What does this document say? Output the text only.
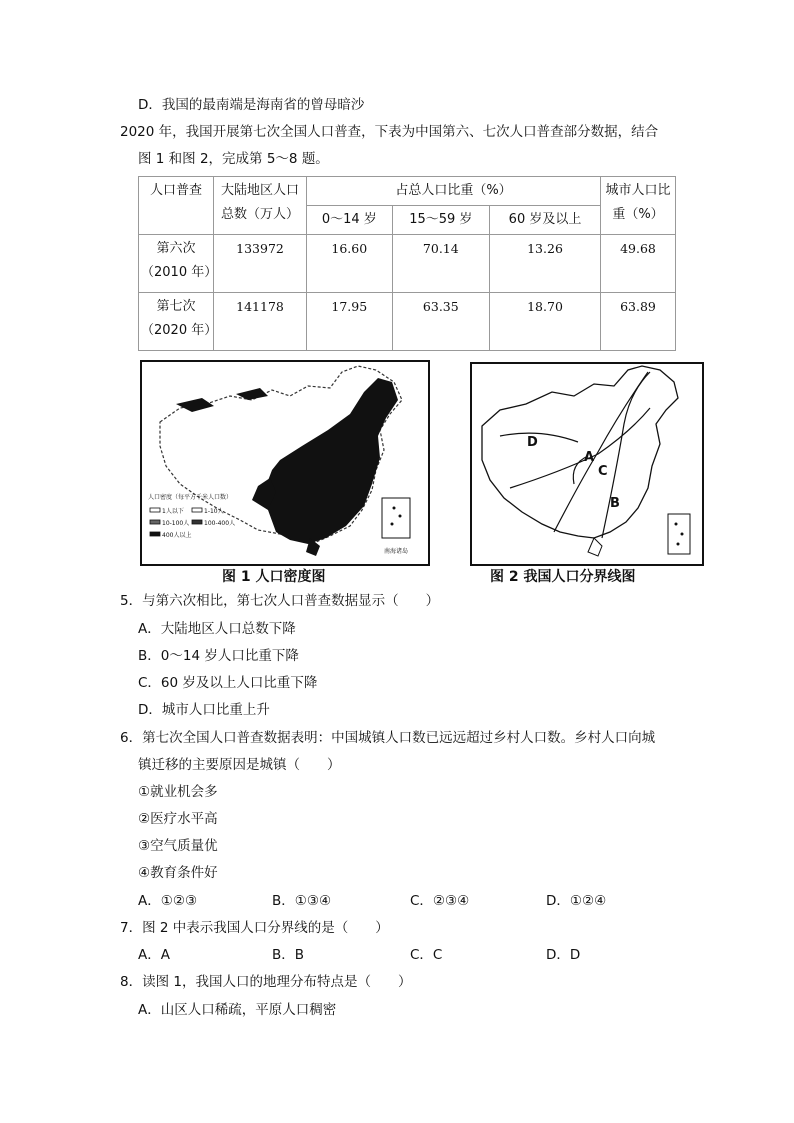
D．我国的最南端是海南省的曾母暗沙
2020 年，我国开展第七次全国人口普查，下表为中国第六、七次人口普查部分数据，结合
图 1 和图 2，完成第 5～8 题。
人口普查	大陆地区人口
总数（万人）	占总人口比重（%）			城市人口比
重（%）
		0～14 岁	15～59 岁	60 岁及以上	
第六次
（2010 年）	133972	16.60	70.14	13.26	49.68
第七次
（2020 年）	141178	17.95	63.35	18.70	63.89
人口密度（每平方千米人口数）
1人以下	1-10人
10-100人 100-400人
400人以上
南海诸岛
图 1 人口密度图
D
A
C
B
图 2 我国人口分界线图
5．与第六次相比，第七次人口普查数据显示（　　）
A．大陆地区人口总数下降
B．0～14 岁人口比重下降
C．60 岁及以上人口比重下降
D．城市人口比重上升
6．第七次全国人口普查数据表明：中国城镇人口数已远远超过乡村人口数。乡村人口向城
镇迁移的主要原因是城镇（　　）
①就业机会多
②医疗水平高
③空气质量优
④教育条件好
A．①②③	B．①③④	C．②③④	D．①②④
7．图 2 中表示我国人口分界线的是（　　）
A．A	B．B	C．C	D．D
8．读图 1，我国人口的地理分布特点是（　　）
A．山区人口稀疏，平原人口稠密
